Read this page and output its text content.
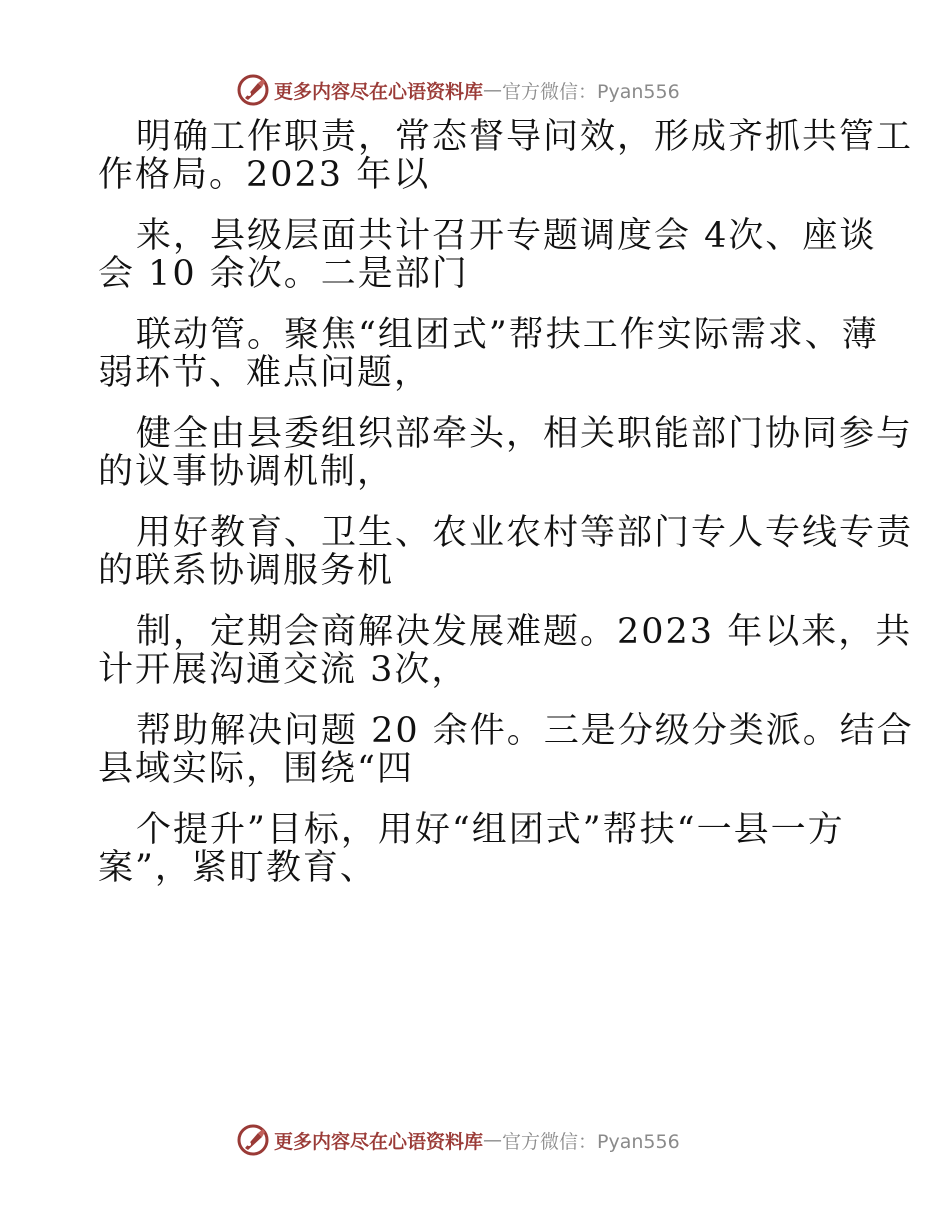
更多内容尽在心语资料库 — 官方微信：Pyan556
明确工作职责，常态督导问效，形成齐抓共管工
作格局。2023 年以
来，县级层面共计召开专题调度会 4次、座谈
会 10 余次。二是部门
联动管。聚焦“组团式”帮扶工作实际需求、薄
弱环节、难点问题，
健全由县委组织部牵头，相关职能部门协同参与
的议事协调机制，
用好教育、卫生、农业农村等部门专人专线专责
的联系协调服务机
制，定期会商解决发展难题。2023 年以来，共
计开展沟通交流 3次，
帮助解决问题 20 余件。三是分级分类派。结合
县域实际，围绕“四
个提升”目标，用好“组团式”帮扶“一县一方
案”，紧盯教育、
更多内容尽在心语资料库 — 官方微信：Pyan556
